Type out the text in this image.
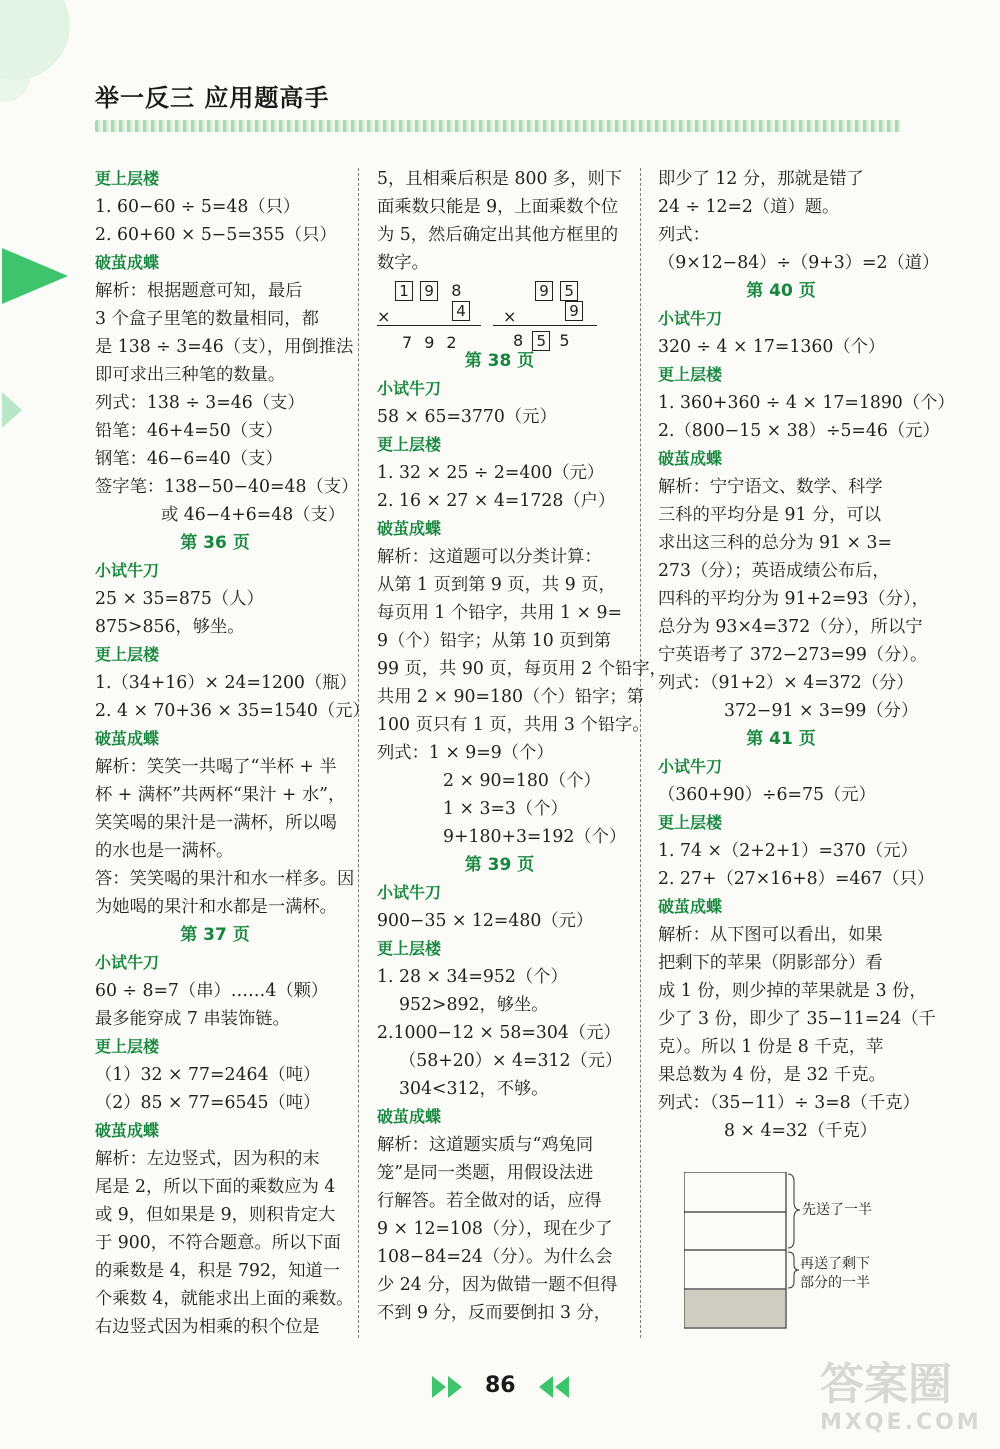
举一反三 应用题高手
更上层楼
1. 60−60 ÷ 5=48（只）
2. 60+60 × 5−5=355（只）
破茧成蝶
解析：根据题意可知，最后
3 个盒子里笔的数量相同，都
是 138 ÷ 3=46（支），用倒推法
即可求出三种笔的数量。
列式：138 ÷ 3=46（支）
铅笔：46+4=50（支）
钢笔：46−6=40（支）
签字笔：138−50−40=48（支）
或 46−4+6=48（支）
第 36 页
小试牛刀
25 × 35=875（人）
875>856，够坐。
更上层楼
1.（34+16）× 24=1200（瓶）
2. 4 × 70+36 × 35=1540（元）
破茧成蝶
解析：笑笑一共喝了“半杯 + 半
杯 + 满杯”共两杯“果汁 + 水”，
笑笑喝的果汁是一满杯，所以喝
的水也是一满杯。
答：笑笑喝的果汁和水一样多。因
为她喝的果汁和水都是一满杯。
第 37 页
小试牛刀
60 ÷ 8=7（串）……4（颗）
最多能穿成 7 串装饰链。
更上层楼
（1）32 × 77=2464（吨）
（2）85 × 77=6545（吨）
破茧成蝶
解析：左边竖式，因为积的末
尾是 2，所以下面的乘数应为 4
或 9，但如果是 9，则积肯定大
于 900，不符合题意。所以下面
的乘数是 4，积是 792，知道一
个乘数 4，就能求出上面的乘数。
右边竖式因为相乘的积个位是
5，且相乘后积是 800 多，则下
面乘数只能是 9，上面乘数个位
为 5，然后确定出其他方框里的
数字。
1 9 8
×	4
792
9 5
×	9
8 5 5
第 38 页
小试牛刀
58 × 65=3770（元）
更上层楼
1. 32 × 25 ÷ 2=400（元）
2. 16 × 27 × 4=1728（户）
破茧成蝶
解析：这道题可以分类计算：
从第 1 页到第 9 页，共 9 页，
每页用 1 个铅字，共用 1 × 9=
9（个）铅字；从第 10 页到第
99 页，共 90 页，每页用 2 个铅字，
共用 2 × 90=180（个）铅字；第
100 页只有 1 页，共用 3 个铅字。
列式：1 × 9=9（个）
2 × 90=180（个）
1 × 3=3（个）
9+180+3=192（个）
第 39 页
小试牛刀
900−35 × 12=480（元）
更上层楼
1. 28 × 34=952（个）
952>892，够坐。
2.1000−12 × 58=304（元）
（58+20）× 4=312（元）
304<312，不够。
破茧成蝶
解析：这道题实质与“鸡兔同
笼”是同一类题，用假设法进
行解答。若全做对的话，应得
9 × 12=108（分），现在少了
108−84=24（分）。为什么会
少 24 分，因为做错一题不但得
不到 9 分，反而要倒扣 3 分，
即少了 12 分，那就是错了
24 ÷ 12=2（道）题。
列式：
（9×12−84）÷（9+3）=2（道）
第 40 页
小试牛刀
320 ÷ 4 × 17=1360（个）
更上层楼
1. 360+360 ÷ 4 × 17=1890（个）
2.（800−15 × 38）÷5=46（元）
破茧成蝶
解析：宁宁语文、数学、科学
三科的平均分是 91 分，可以
求出这三科的总分为 91 × 3=
273（分）；英语成绩公布后，
四科的平均分为 91+2=93（分），
总分为 93×4=372（分），所以宁
宁英语考了 372−273=99（分）。
列式：（91+2）× 4=372（分）
372−91 × 3=99（分）
第 41 页
小试牛刀
（360+90）÷6=75（元）
更上层楼
1. 74 ×（2+2+1）=370（元）
2. 27+（27×16+8）=467（只）
破茧成蝶
解析：从下图可以看出，如果
把剩下的苹果（阴影部分）看
成 1 份，则少掉的苹果就是 3 份，
少了 3 份，即少了 35−11=24（千
克）。所以 1 份是 8 千克，苹
果总数为 4 份，是 32 千克。
列式：（35−11）÷ 3=8（千克）
8 × 4=32（千克）
先送了一半
再送了剩下
部分的一半
86	答案圈
MXQE.COM
